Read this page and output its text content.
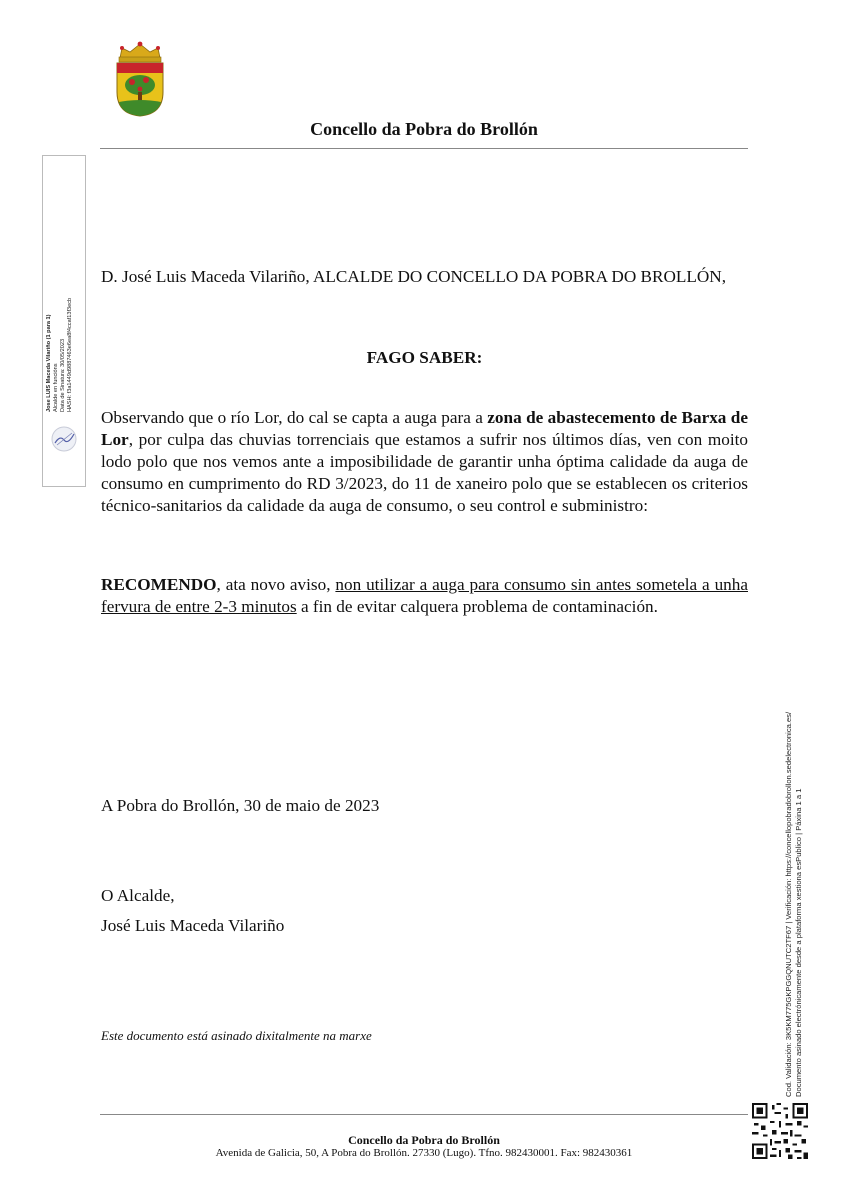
Concello da Pobra do Brollón
Jose LUIS Maceda Vilariño (1 para 1) Alcalde en funcións Data de Sinatura: 30/05/2023 HASH: f3a1449d9887463e6ea8f4ccaf13f3ecb
D. José Luis Maceda Vilariño, ALCALDE DO CONCELLO DA POBRA DO BROLLÓN,
FAGO SABER:
Observando que o río Lor, do cal se capta a auga para a zona de abastecemento de Barxa de Lor, por culpa das chuvias torrenciais que estamos a sufrir nos últimos días, ven con moito lodo polo que nos vemos ante a imposibilidade de garantir unha óptima calidade da auga de consumo en cumprimento do RD 3/2023, do 11 de xaneiro polo que se establecen os criterios técnico-sanitarios da calidade da auga de consumo, o seu control e subministro:
RECOMENDO, ata novo aviso, non utilizar a auga para consumo sin antes sometela a unha fervura de entre 2-3 minutos a fin de evitar calquera problema de contaminación.
A Pobra do Brollón, 30 de maio de 2023
O Alcalde,
José Luis Maceda Vilariño
Este documento está asinado dixitalmente na marxe	Cod. Validación: 3K5KM775GKPGGQNUTC2TF67 | Verificación: https://concellopobradobrollon.sedelectronica.es/ Documento asinado electrónicamente desde a plataforma xestiona esPublico | Páxina 1 a 1
Concello da Pobra do Brollón
Avenida de Galicia, 50, A Pobra do Brollón. 27330 (Lugo). Tfno. 982430001. Fax: 982430361
